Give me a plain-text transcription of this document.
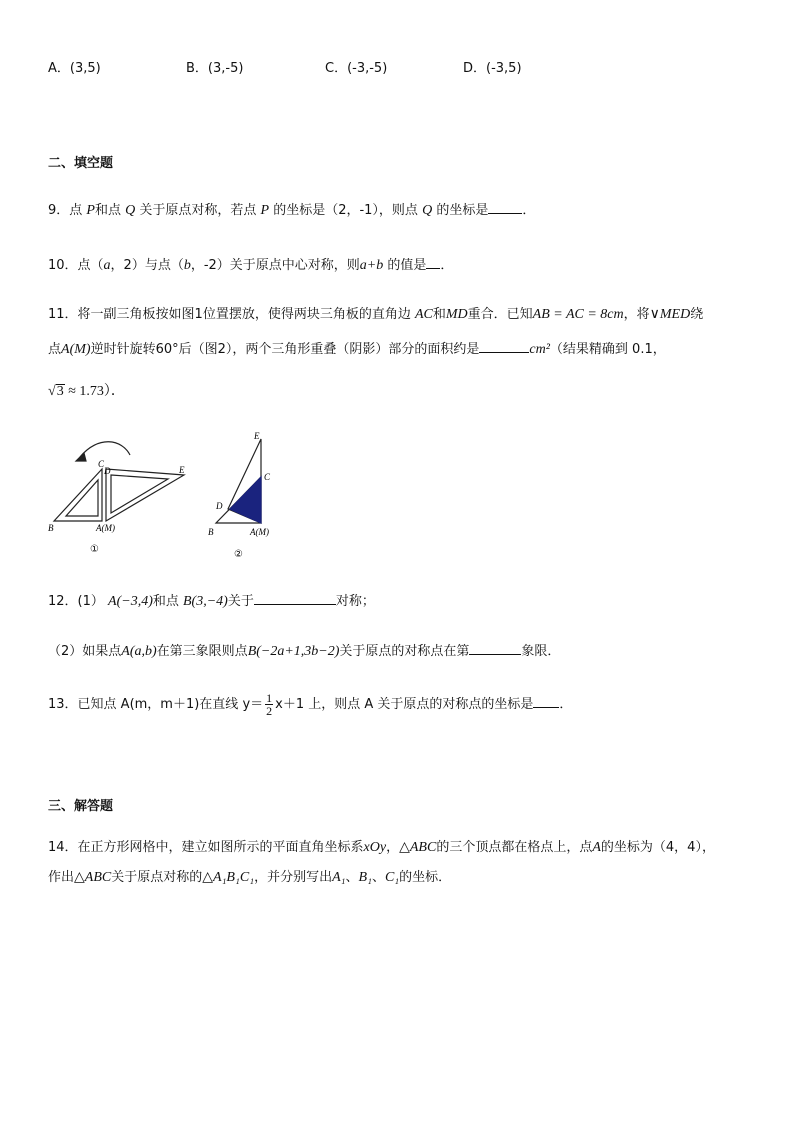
A．(3,5)	B．(3,-5)	C．(-3,-5)	D．(-3,5)
二、填空题
9．点 P和点 Q 关于原点对称，若点 P 的坐标是（2，-1），则点 Q 的坐标是	．
10．点（a，2）与点（b，-2）关于原点中心对称，则a+b 的值是 ．
11．将一副三角板按如图1位置摆放，使得两块三角板的直角边 AC和MD重合．已知AB = AC = 8cm，将∨MED绕
点A(M)逆时针旋转60°后（图2），两个三角形重叠（阴影）部分的面积约是	cm²（结果精确到 0.1，
√3 ≈ 1.73）．
C
D	E
B	A(M)
①
E
C
D
B	A(M)
②
12．(1） A(−3,4)和点 B(3,−4)关于	对称；
（2）如果点A(a,b)在第三象限则点B(−2a+1,3b−2)关于原点的对称点在第	象限．
13．已知点 A(m，m＋1)在直线 $y= \frac{1}{2} x+1$ 上，则点 A 关于原点的对称点的坐标是 ．
三、解答题
14．在正方形网格中，建立如图所示的平面直角坐标系xOy，△ABC的三个顶点都在格点上，点A的坐标为（4，4），
作出△ABC关于原点对称的△A₁B₁C₁，并分别写出A₁、B₁、C₁的坐标．
